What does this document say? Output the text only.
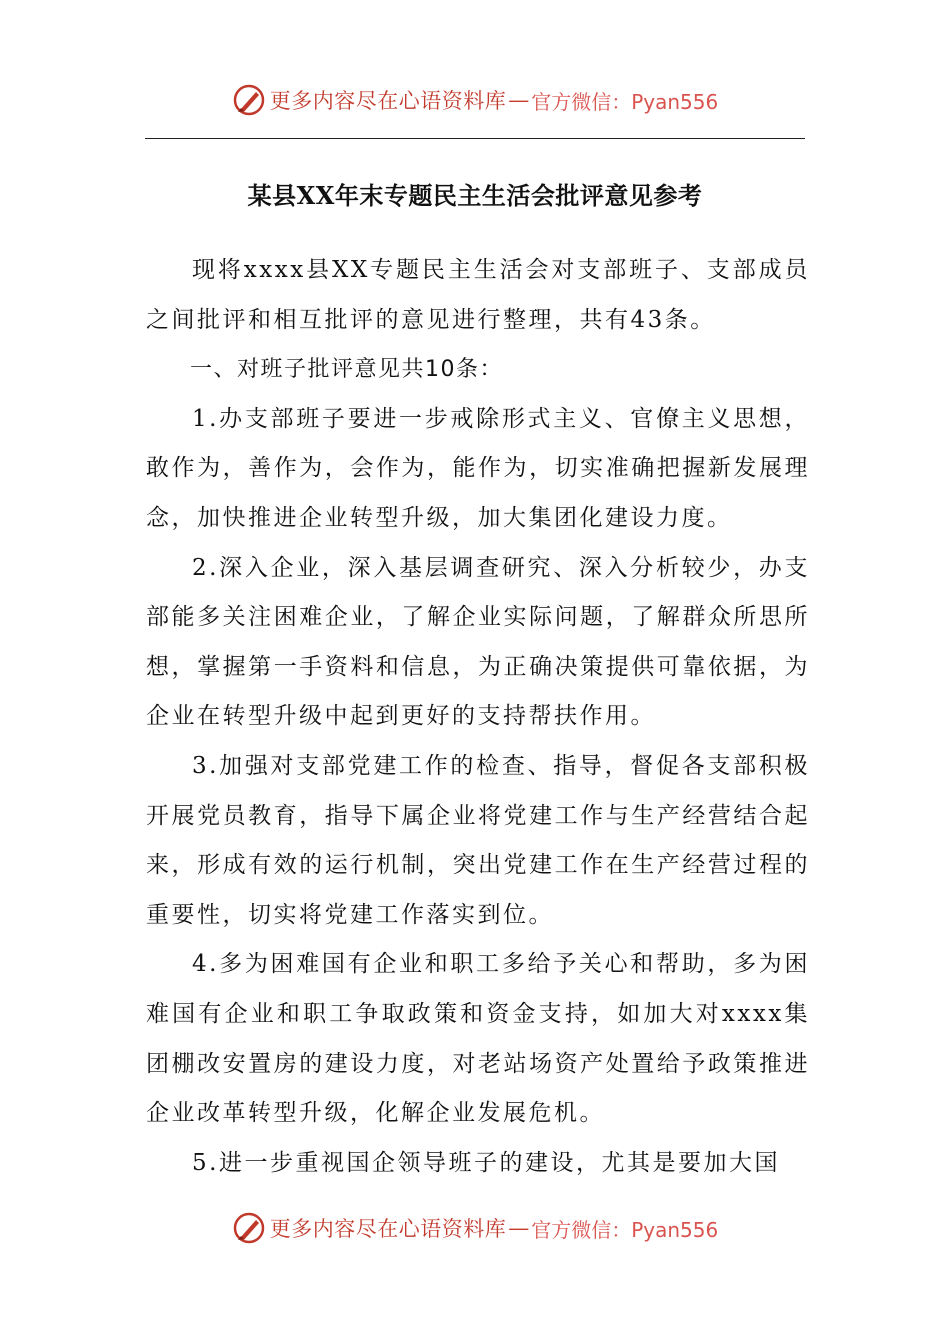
更多内容尽在心语资料库 — 官方微信：Pyan556
某县XX年末专题民主生活会批评意见参考

现将xxxx县XX专题民主生活会对支部班子、支部成员之间批评和相互批评的意见进行整理，共有43条。

一、对班子批评意见共10条：

1.办支部班子要进一步戒除形式主义、官僚主义思想，敢作为，善作为，会作为，能作为，切实准确把握新发展理念，加快推进企业转型升级，加大集团化建设力度。

2.深入企业，深入基层调查研究、深入分析较少，办支部能多关注困难企业，了解企业实际问题，了解群众所思所想，掌握第一手资料和信息，为正确决策提供可靠依据，为企业在转型升级中起到更好的支持帮扶作用。

3.加强对支部党建工作的检查、指导，督促各支部积极开展党员教育，指导下属企业将党建工作与生产经营结合起来，形成有效的运行机制，突出党建工作在生产经营过程的重要性，切实将党建工作落实到位。

4.多为困难国有企业和职工多给予关心和帮助，多为困难国有企业和职工争取政策和资金支持，如加大对xxxx集团棚改安置房的建设力度，对老站场资产处置给予政策推进企业改革转型升级，化解企业发展危机。

5.进一步重视国企领导班子的建设，尤其是要加大国

更多内容尽在心语资料库 — 官方微信：Pyan556
